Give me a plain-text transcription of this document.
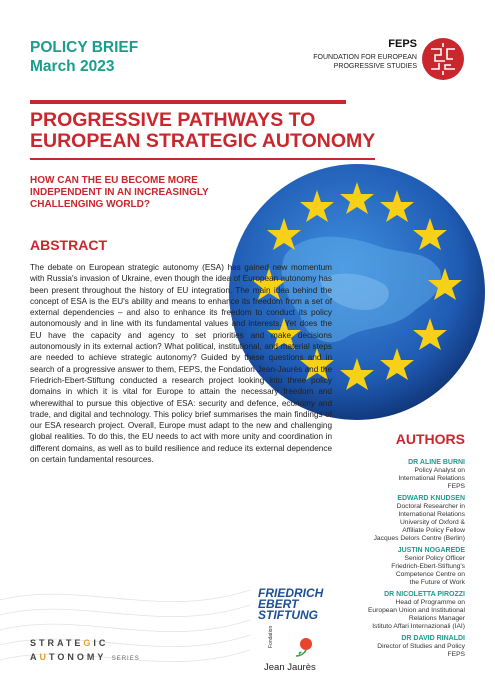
POLICY BRIEF
March 2023
FEPS
FOUNDATION FOR EUROPEAN
PROGRESSIVE STUDIES
PROGRESSIVE PATHWAYS TO
EUROPEAN STRATEGIC AUTONOMY
HOW CAN THE EU BECOME MORE
INDEPENDENT IN AN INCREASINGLY
CHALLENGING WORLD?
ABSTRACT
The debate on European strategic autonomy (ESA) has gained new momentum with Russia's invasion of Ukraine, even though the idea of European autonomy has been present throughout the history of EU integration. The main idea behind the concept of ESA is the EU's ability and means to enhance its freedom from a set of external dependencies – and also to enhance its freedom to conduct its policy autonomously and in line with its fundamental values and interests. Yet does the EU have the capacity and agency to set priorities and make decisions autonomously in its external action? What political, institutional, and material steps are needed to achieve strategic autonomy? Guided by these questions and in search of a progressive answer to them, FEPS, the Fondation Jean-Jaurès and the Friedrich-Ebert-Stiftung conducted a research project looking into three policy domains in which it is vital for Europe to attain the necessary freedom and wherewithal to pursue this objective of ESA: security and defence, economy and trade, and digital and technology. This policy brief summarises the main findings of our ESA research project. Overall, Europe must adapt to the new and challenging global realities. To do this, the EU needs to act with more unity and coordination in different domains, as well as to build resilience and reduce its external dependence on certain fundamental resources.
AUTHORS
DR ALINE BURNI
Policy Analyst on
International Relations
FEPS
EDWARD KNUDSEN
Doctoral Researcher in
International Relations
University of Oxford &
Affiliate Policy Fellow
Jacques Delors Centre (Berlin)
JUSTIN NOGAREDE
Senior Policy Officer
Friedrich-Ebert-Stiftung's
Competence Centre on
the Future of Work
DR NICOLETTA PIROZZI
Head of Programme on
European Union and Institutional
Relations Manager
Istituto Affari Internazionali (IAI)
DR DAVID RINALDI
Director of Studies and Policy
FEPS
STRATEGIC
AUTONOMY SERIES
FRIEDRICH
EBERT
STIFTUNG
Fondation
Jean Jaurès
